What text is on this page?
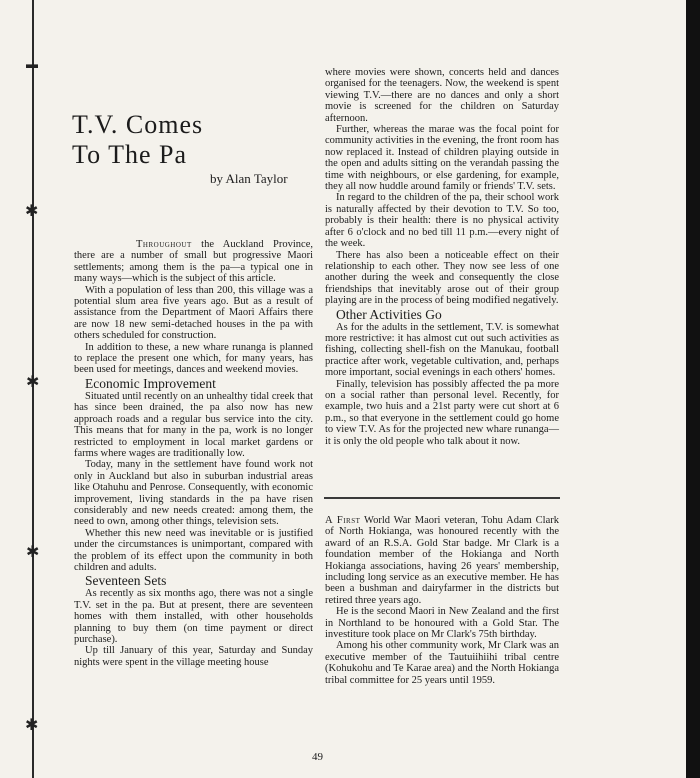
▬
✱
✱
✱
✱
T.V. Comes
To The Pa
by Alan Taylor

Throughout the Auckland Province, there are a number of small but progressive Maori settlements; among them is the pa—a typical one in many ways—which is the subject of this article.

With a population of less than 200, this village was a potential slum area five years ago. But as a result of assistance from the Department of Maori Affairs there are now 18 new semi-detached houses in the pa with others scheduled for construction.

In addition to these, a new whare runanga is planned to replace the present one which, for many years, has been used for meetings, dances and weekend movies.

Economic Improvement

Situated until recently on an unhealthy tidal creek that has since been drained, the pa also now has new approach roads and a regular bus service into the city. This means that for many in the pa, work is no longer restricted to employment in local market gardens or farms where wages are traditionally low.

Today, many in the settlement have found work not only in Auckland but also in suburban industrial areas like Otahuhu and Penrose. Consequently, with economic improvement, living standards in the pa have risen considerably and new needs created: among them, the need to own, among other things, television sets.

Whether this new need was inevitable or is justified under the circumstances is unimportant, compared with the problem of its effect upon the community in both children and adults.

Seventeen Sets

As recently as six months ago, there was not a single T.V. set in the pa. But at present, there are seventeen homes with them installed, with other households planning to buy them (on time payment or direct purchase).

Up till January of this year, Saturday and Sunday nights were spent in the village meeting house

where movies were shown, concerts held and dances organised for the teenagers. Now, the weekend is spent viewing T.V.—there are no dances and only a short movie is screened for the children on Saturday afternoon.

Further, whereas the marae was the focal point for community activities in the evening, the front room has now replaced it. Instead of children playing outside in the open and adults sitting on the verandah passing the time with neighbours, or else gardening, for example, they all now huddle around family or friends' T.V. sets.

In regard to the children of the pa, their school work is naturally affected by their devotion to T.V. So too, probably is their health: there is no physical activity after 6 o'clock and no bed till 11 p.m.—every night of the week.

There has also been a noticeable effect on their relationship to each other. They now see less of one another during the week and consequently the close friendships that inevitably arose out of their group playing are in the process of being modified negatively.

Other Activities Go

As for the adults in the settlement, T.V. is somewhat more restrictive: it has almost cut out such activities as fishing, collecting shell-fish on the Manukau, football practice after work, vegetable cultivation, and, perhaps more important, social evenings in each others' homes.

Finally, television has possibly affected the pa more on a social rather than personal level. Recently, for example, two huis and a 21st party were cut short at 6 p.m., so that everyone in the settlement could go home to view T.V. As for the projected new whare runanga—it is only the old people who talk about it now.

A First World War Maori veteran, Tohu Adam Clark of North Hokianga, was honoured recently with the award of an R.S.A. Gold Star badge. Mr Clark is a foundation member of the Hokianga and North Hokianga associations, having 26 years' membership, including long service as an executive member. He has been a bushman and dairyfarmer in the districts but retired three years ago.

He is the second Maori in New Zealand and the first in Northland to be honoured with a Gold Star. The investiture took place on Mr Clark's 75th birthday.

Among his other community work, Mr Clark was an executive member of the Tautuiihiihi tribal centre (Kohukohu and Te Karae area) and the North Hokianga tribal committee for 25 years until 1959.

49
